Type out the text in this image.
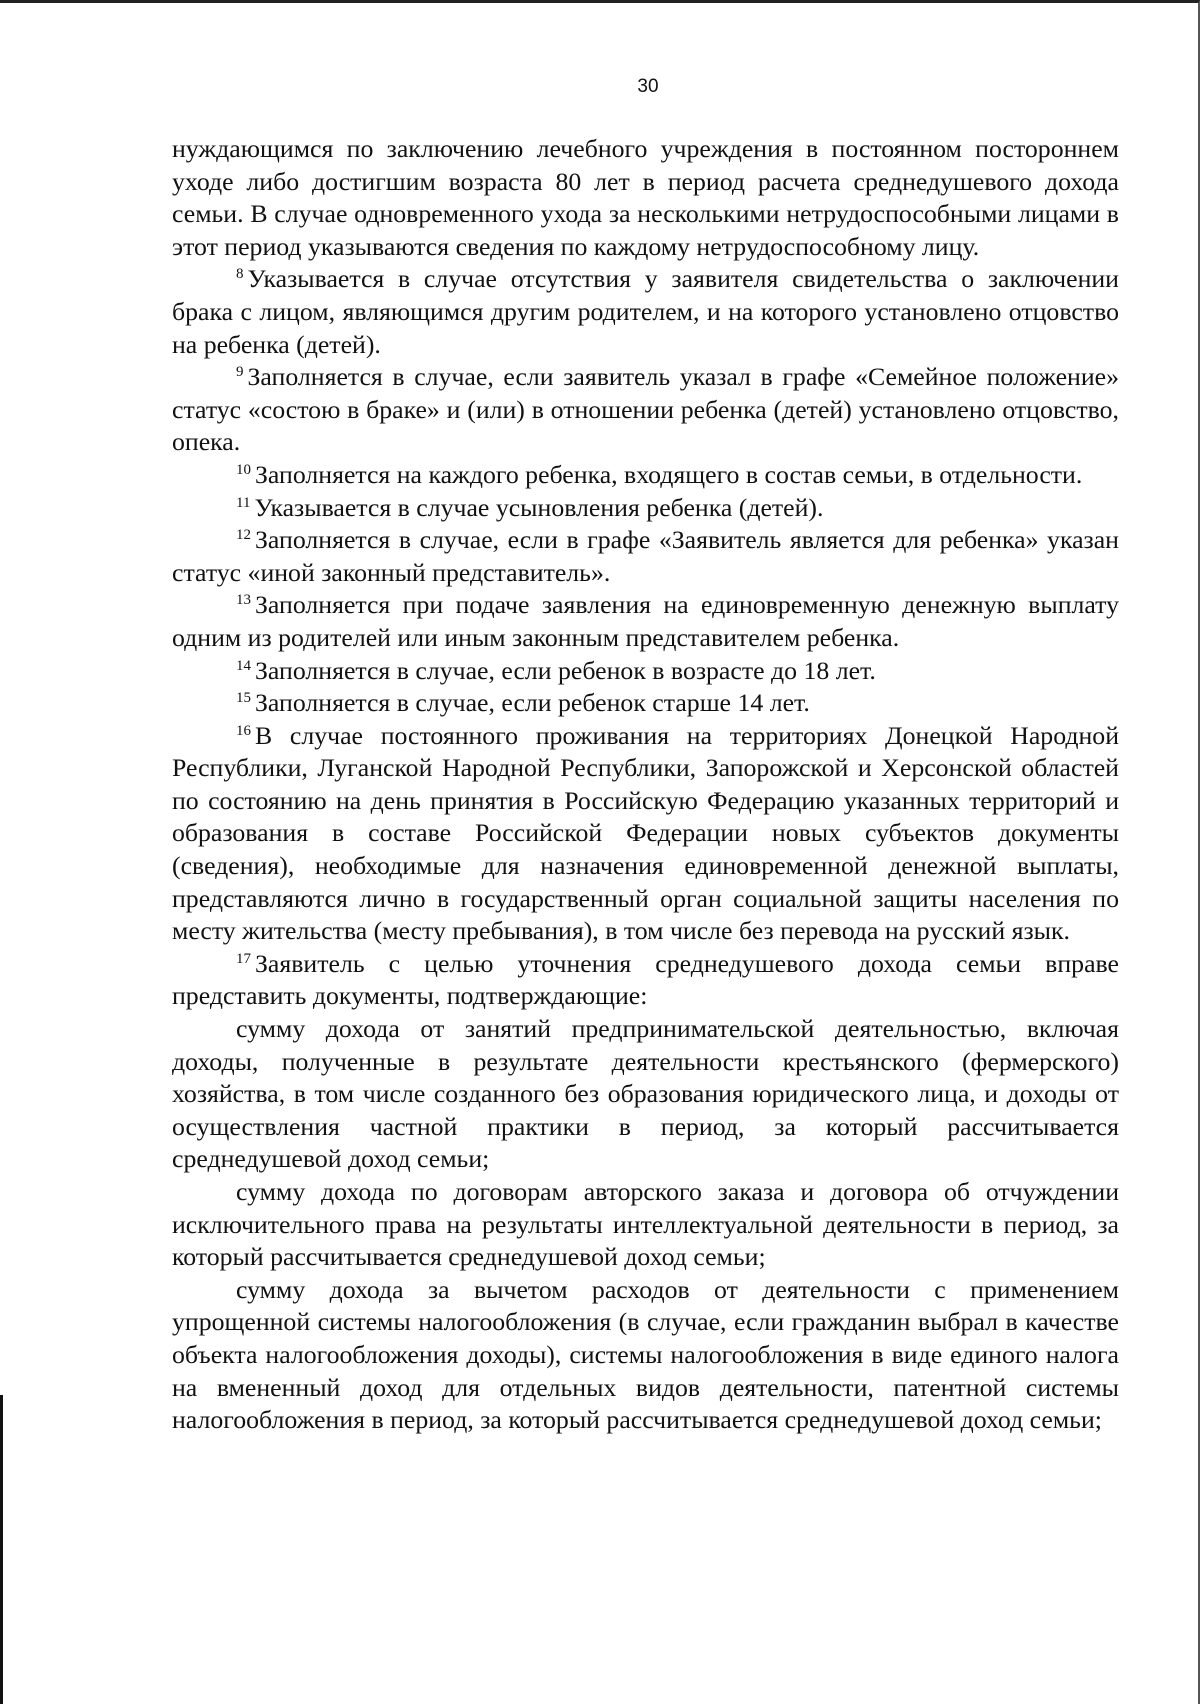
30

нуждающимся по заключению лечебного учреждения в постоянном постороннем уходе либо достигшим возраста 80 лет в период расчета среднедушевого дохода семьи. В случае одновременного ухода за несколькими нетрудоспособными лицами в этот период указываются сведения по каждому нетрудоспособному лицу.

$^8$ Указывается в случае отсутствия у заявителя свидетельства о заключении брака с лицом, являющимся другим родителем, и на которого установлено отцовство на ребенка (детей).

$^9$ Заполняется в случае, если заявитель указал в графе «Семейное положение» статус «состою в браке» и (или) в отношении ребенка (детей) установлено отцовство, опека.

$^{10}$ Заполняется на каждого ребенка, входящего в состав семьи, в отдельности.

$^{11}$ Указывается в случае усыновления ребенка (детей).

$^{12}$ Заполняется в случае, если в графе «Заявитель является для ребенка» указан статус «иной законный представитель».

$^{13}$ Заполняется при подаче заявления на единовременную денежную выплату одним из родителей или иным законным представителем ребенка.

$^{14}$ Заполняется в случае, если ребенок в возрасте до 18 лет.

$^{15}$ Заполняется в случае, если ребенок старше 14 лет.

$^{16}$ В случае постоянного проживания на территориях Донецкой Народной Республики, Луганской Народной Республики, Запорожской и Херсонской областей по состоянию на день принятия в Российскую Федерацию указанных территорий и образования в составе Российской Федерации новых субъектов документы (сведения), необходимые для назначения единовременной денежной выплаты, представляются лично в государственный орган социальной защиты населения по месту жительства (месту пребывания), в том числе без перевода на русский язык.

$^{17}$ Заявитель с целью уточнения среднедушевого дохода семьи вправе представить документы, подтверждающие:

сумму дохода от занятий предпринимательской деятельностью, включая доходы, полученные в результате деятельности крестьянского (фермерского) хозяйства, в том числе созданного без образования юридического лица, и доходы от осуществления частной практики в период, за который рассчитывается среднедушевой доход семьи;

сумму дохода по договорам авторского заказа и договора об отчуждении исключительного права на результаты интеллектуальной деятельности в период, за который рассчитывается среднедушевой доход семьи;

сумму дохода за вычетом расходов от деятельности с применением упрощенной системы налогообложения (в случае, если гражданин выбрал в качестве объекта налогообложения доходы), системы налогообложения в виде единого налога на вмененный доход для отдельных видов деятельности, патентной системы налогообложения в период, за который рассчитывается среднедушевой доход семьи;
